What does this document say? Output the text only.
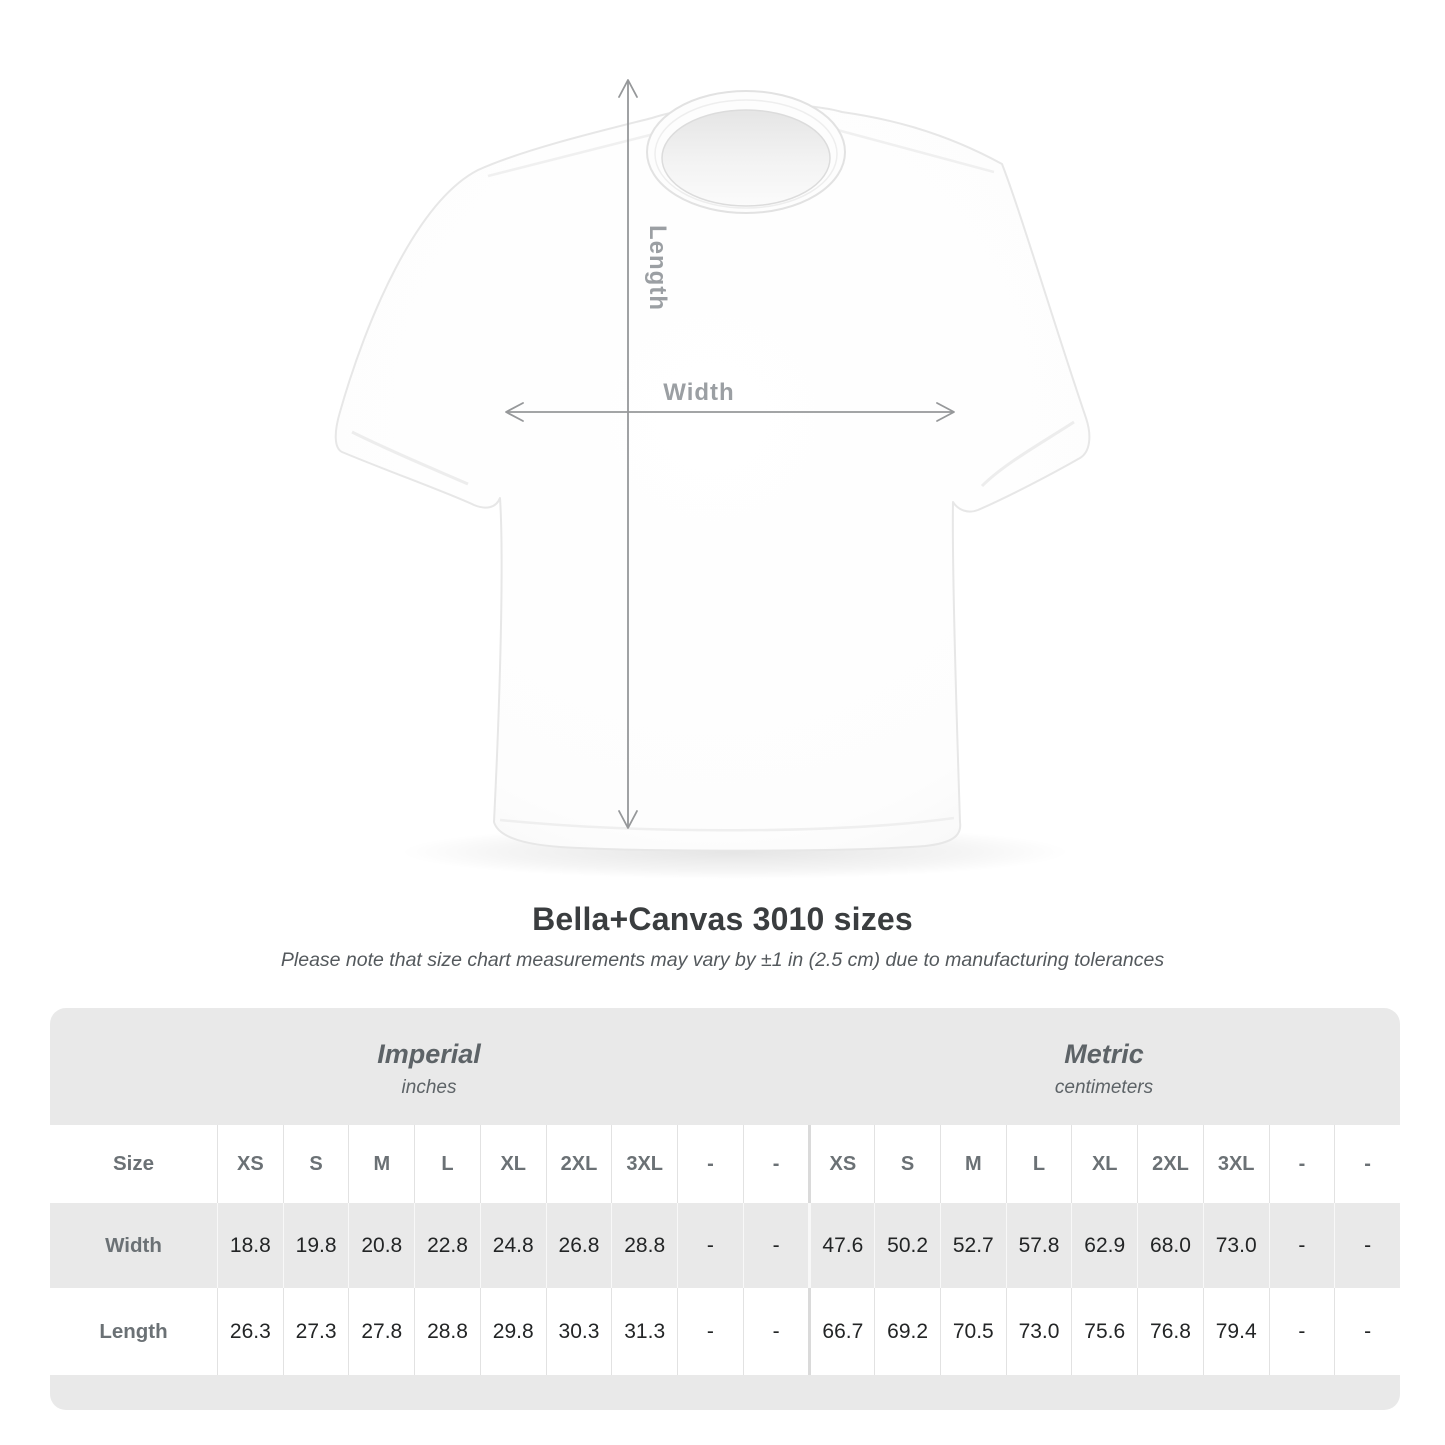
Length
Width
Bella+Canvas 3010 sizes
Please note that size chart measurements may vary by ±1 in (2.5 cm) due to manufacturing tolerances
Imperial
inches
Metric
centimeters
Size	XS	S	M	L	XL	2XL	3XL	-	-	XS	S	M	L	XL	2XL	3XL	-	-
Width	18.8	19.8	20.8	22.8	24.8	26.8	28.8	-	-	47.6	50.2	52.7	57.8	62.9	68.0	73.0	-	-
Length	26.3	27.3	27.8	28.8	29.8	30.3	31.3	-	-	66.7	69.2	70.5	73.0	75.6	76.8	79.4	-	-
